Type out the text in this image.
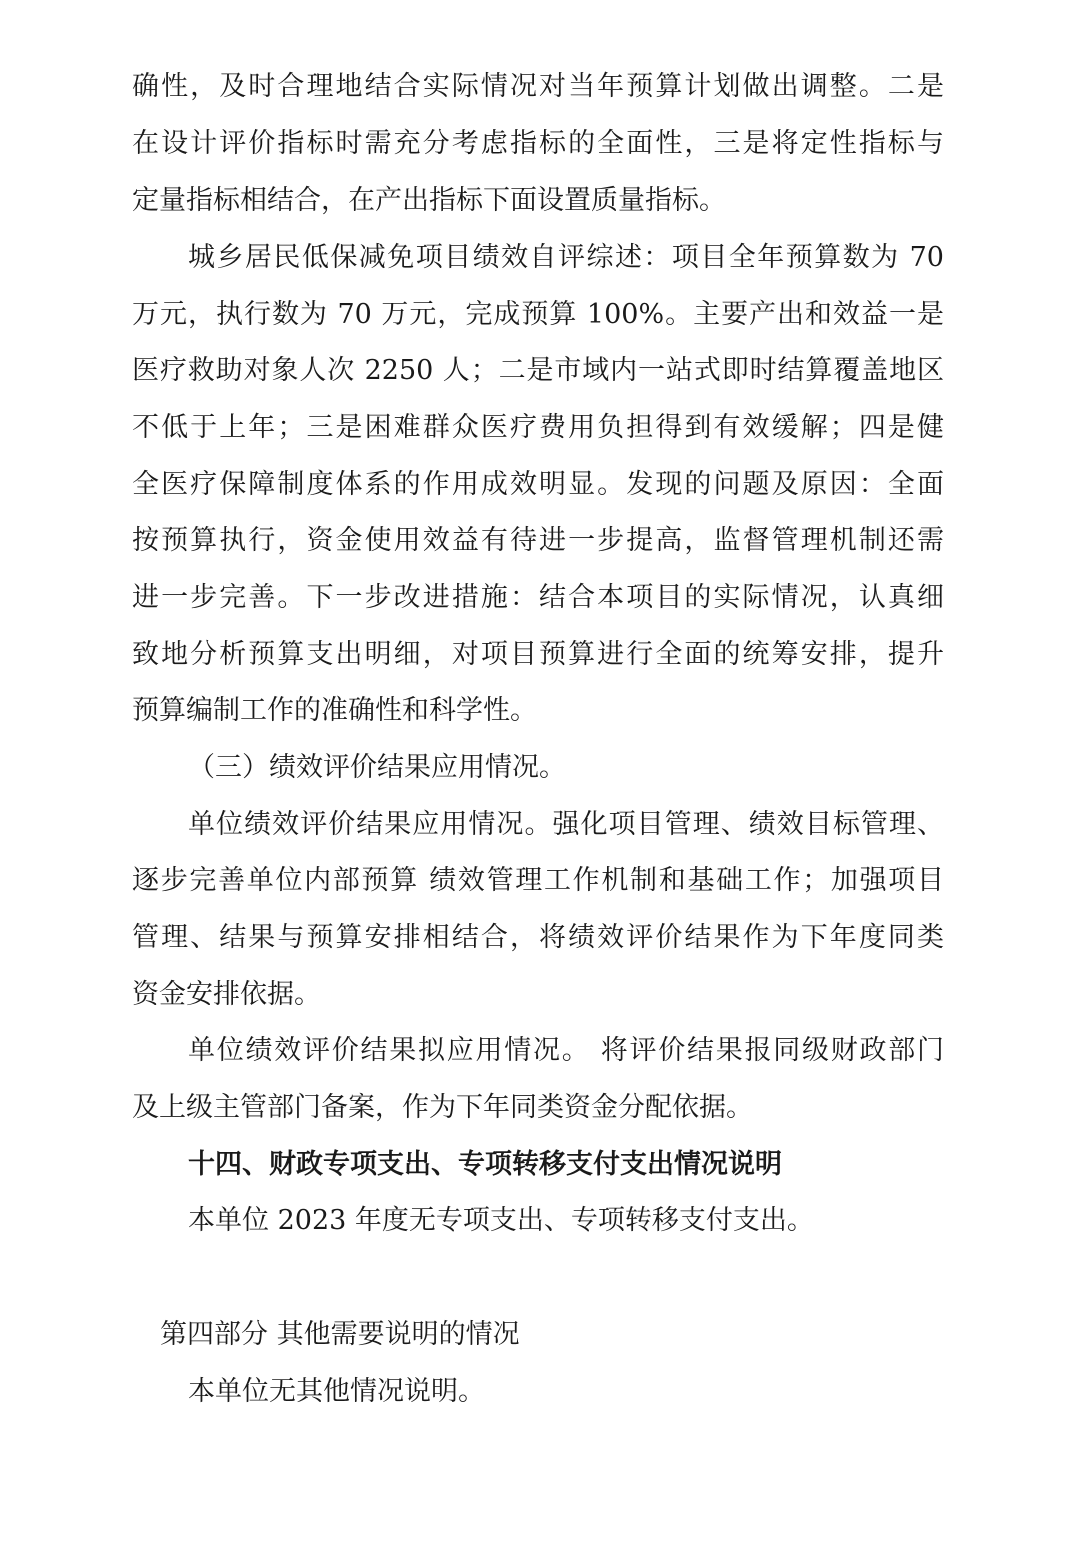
确性，及时合理地结合实际情况对当年预算计划做出调整。二是
在设计评价指标时需充分考虑指标的全面性，三是将定性指标与
定量指标相结合，在产出指标下面设置质量指标。
城乡居民低保减免项目绩效自评综述：项目全年预算数为 70
万元，执行数为 70 万元，完成预算 100%。主要产出和效益一是
医疗救助对象人次 2250 人；二是市域内一站式即时结算覆盖地区
不低于上年；三是困难群众医疗费用负担得到有效缓解；四是健
全医疗保障制度体系的作用成效明显。发现的问题及原因：全面
按预算执行，资金使用效益有待进一步提高，监督管理机制还需
进一步完善。下一步改进措施：结合本项目的实际情况，认真细
致地分析预算支出明细，对项目预算进行全面的统筹安排，提升
预算编制工作的准确性和科学性。
（三）绩效评价结果应用情况。
单位绩效评价结果应用情况。强化项目管理、绩效目标管理、
逐步完善单位内部预算 绩效管理工作机制和基础工作；加强项目
管理、结果与预算安排相结合，将绩效评价结果作为下年度同类
资金安排依据。
单位绩效评价结果拟应用情况。 将评价结果报同级财政部门
及上级主管部门备案，作为下年同类资金分配依据。
十四、财政专项支出、专项转移支付支出情况说明
本单位 2023 年度无专项支出、专项转移支付支出。
第四部分 其他需要说明的情况
本单位无其他情况说明。
